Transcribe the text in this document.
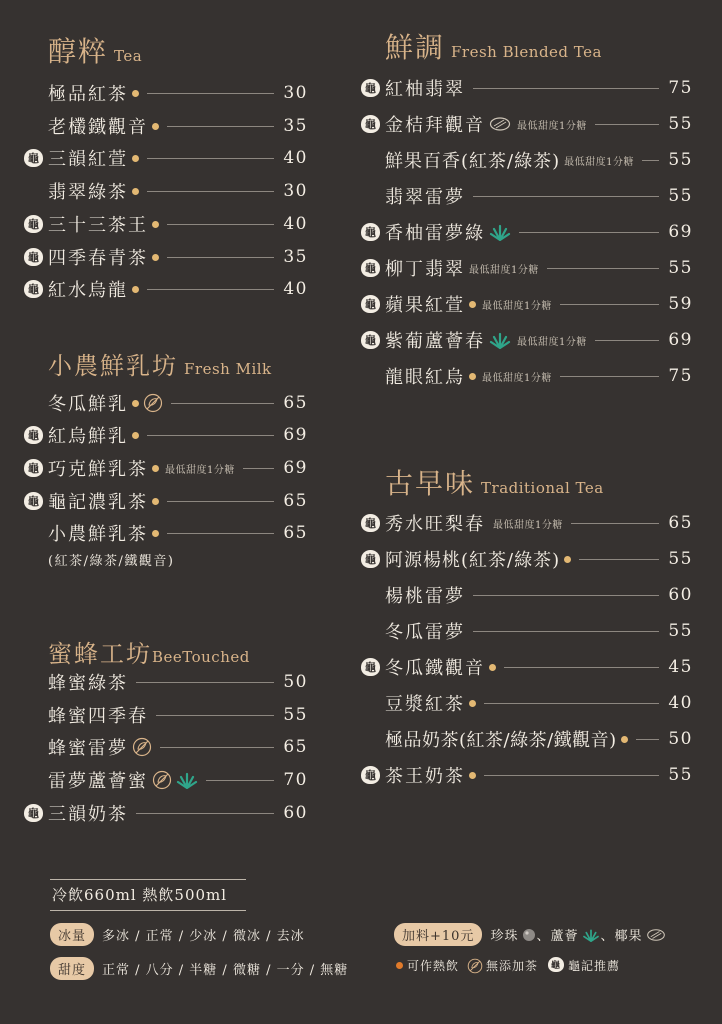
醇粹 Tea
極品紅茶	30
老欉鐵觀音	35
龜 三韻紅萱	40
翡翠綠茶	30
龜 三十三茶王	40
龜 四季春青茶	35
龜 紅水烏龍	40
小農鮮乳坊 Fresh Milk
冬瓜鮮乳	65
龜 紅烏鮮乳	69
龜 巧克鮮乳茶 最低甜度1分糖	69
龜 龜記濃乳茶	65
小農鮮乳茶	65
(紅茶/綠茶/鐵觀音)
蜜蜂工坊 BeeTouched
蜂蜜綠茶	50
蜂蜜四季春	55
蜂蜜雷夢	65
雷夢蘆薈蜜	70
龜 三韻奶茶	60
鮮調 Fresh Blended Tea
龜 紅柚翡翠	75
龜 金桔拜觀音	最低甜度1分糖	55
鮮果百香(紅茶/綠茶) 最低甜度1分糖 55
翡翠雷夢	55
龜 香柚雷夢綠	69
龜 柳丁翡翠 最低甜度1分糖	55
龜 蘋果紅萱 最低甜度1分糖	59
龜 紫葡蘆薈春	最低甜度1分糖	69
龍眼紅烏 最低甜度1分糖	75
古早味 Traditional Tea
龜 秀水旺梨春 最低甜度1分糖	65
龜 阿源楊桃(紅茶/綠茶)	55
楊桃雷夢	60
冬瓜雷夢	55
龜 冬瓜鐵觀音	45
豆漿紅茶	40
極品奶茶(紅茶/綠茶/鐵觀音)	50
龜 茶王奶茶	55
冷飲660ml 熱飲500ml
冰量	多冰 / 正常 / 少冰 / 微冰 / 去冰
甜度	正常 / 八分 / 半糖 / 微糖 / 一分 / 無糖
加料+10元	珍珠 、蘆薈 、椰果
可作熱飲 無添加茶	龜 龜記推薦
